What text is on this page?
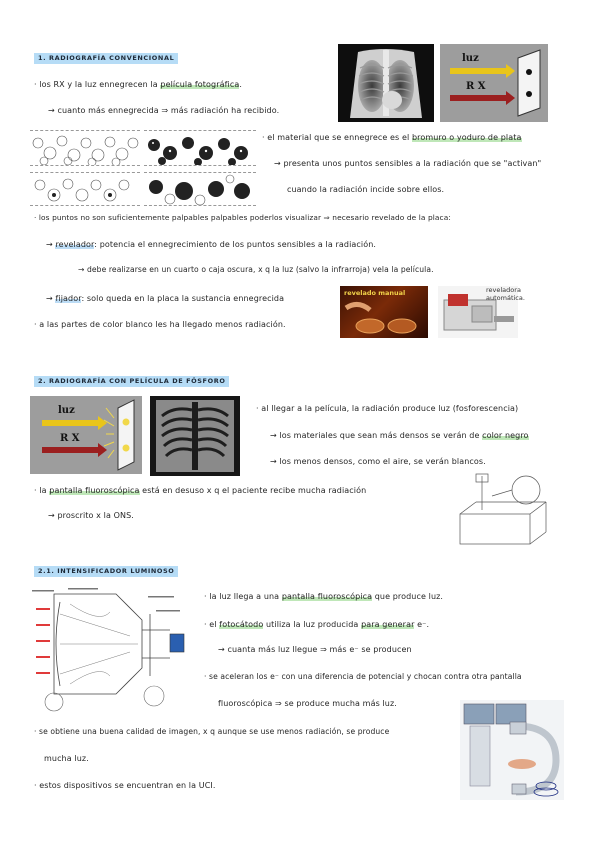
1. RADIOGRAFÍA CONVENCIONAL
· los RX y la luz ennegrecen la película fotográfica.
→ cuanto más ennegrecida ⇒ más radiación ha recibido.
luz
R X
· el material que se ennegrece es el bromuro o yoduro de plata
→ presenta unos puntos sensibles a la radiación que se "activan"
cuando la radiación incide sobre ellos.
· los puntos no son suficientemente palpables palpables poderlos visualizar ⇒ necesario revelado de la placa:
→ revelador: potencia el ennegrecimiento de los puntos sensibles a la radiación.
→ debe realizarse en un cuarto o caja oscura, x q la luz (salvo la infrarroja) vela la película.
→ fijador: solo queda en la placa la sustancia ennegrecida
· a las partes de color blanco les ha llegado menos radiación.
revelado manual	reveladora automática.
2. RADIOGRAFÍA CON PELÍCULA DE FÓSFORO
luz
R X
· al llegar a la película, la radiación produce luz (fosforescencia)
→ los materiales que sean más densos se verán de color negro
→ los menos densos, como el aire, se verán blancos.
· la pantalla fluoroscópica está en desuso x q el paciente recibe mucha radiación
→ proscrito x la ONS.
2.1. INTENSIFICADOR LUMINOSO
· la luz llega a una pantalla fluoroscópica que produce luz.
· el fotocátodo utiliza la luz producida para generar e⁻.
→ cuanta más luz llegue ⇒ más e⁻ se producen
· se aceleran los e⁻ con una diferencia de potencial y chocan contra otra pantalla
fluoroscópica ⇒ se produce mucha más luz.
· se obtiene una buena calidad de imagen, x q aunque se use menos radiación, se produce
mucha luz.
· estos dispositivos se encuentran en la UCI.
